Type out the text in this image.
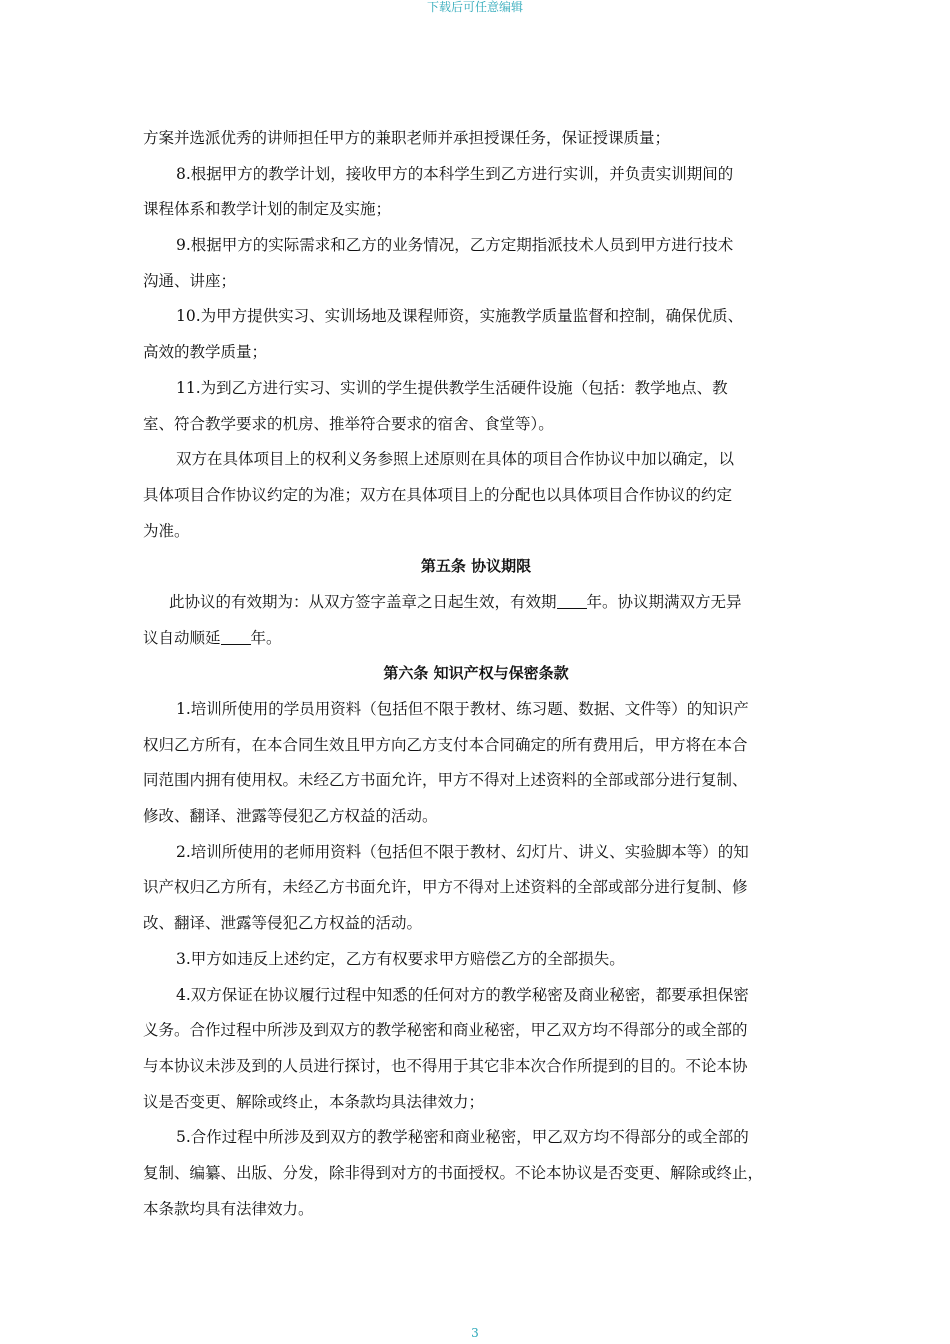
下载后可任意编辑
方案并选派优秀的讲师担任甲方的兼职老师并承担授课任务，保证授课质量；
8.根据甲方的教学计划，接收甲方的本科学生到乙方进行实训，并负责实训期间的
课程体系和教学计划的制定及实施；
9.根据甲方的实际需求和乙方的业务情况，乙方定期指派技术人员到甲方进行技术
沟通、讲座；
10.为甲方提供实习、实训场地及课程师资，实施教学质量监督和控制，确保优质、
高效的教学质量；
11.为到乙方进行实习、实训的学生提供教学生活硬件设施（包括：教学地点、教
室、符合教学要求的机房、推举符合要求的宿舍、食堂等）。
双方在具体项目上的权利义务参照上述原则在具体的项目合作协议中加以确定，以
具体项目合作协议约定的为准；双方在具体项目上的分配也以具体项目合作协议的约定
为准。
第五条 协议期限
此协议的有效期为：从双方签字盖章之日起生效，有效期 年。协议期满双方无异
议自动顺延 年。
第六条 知识产权与保密条款
1.培训所使用的学员用资料（包括但不限于教材、练习题、数据、文件等）的知识产
权归乙方所有，在本合同生效且甲方向乙方支付本合同确定的所有费用后，甲方将在本合
同范围内拥有使用权。未经乙方书面允许，甲方不得对上述资料的全部或部分进行复制、
修改、翻译、泄露等侵犯乙方权益的活动。
2.培训所使用的老师用资料（包括但不限于教材、幻灯片、讲义、实验脚本等）的知
识产权归乙方所有，未经乙方书面允许，甲方不得对上述资料的全部或部分进行复制、修
改、翻译、泄露等侵犯乙方权益的活动。
3.甲方如违反上述约定，乙方有权要求甲方赔偿乙方的全部损失。
4.双方保证在协议履行过程中知悉的任何对方的教学秘密及商业秘密，都要承担保密
义务。合作过程中所涉及到双方的教学秘密和商业秘密，甲乙双方均不得部分的或全部的
与本协议未涉及到的人员进行探讨，也不得用于其它非本次合作所提到的目的。不论本协
议是否变更、解除或终止，本条款均具法律效力；
5.合作过程中所涉及到双方的教学秘密和商业秘密，甲乙双方均不得部分的或全部的
复制、编纂、出版、分发，除非得到对方的书面授权。不论本协议是否变更、解除或终止，
本条款均具有法律效力。
3
